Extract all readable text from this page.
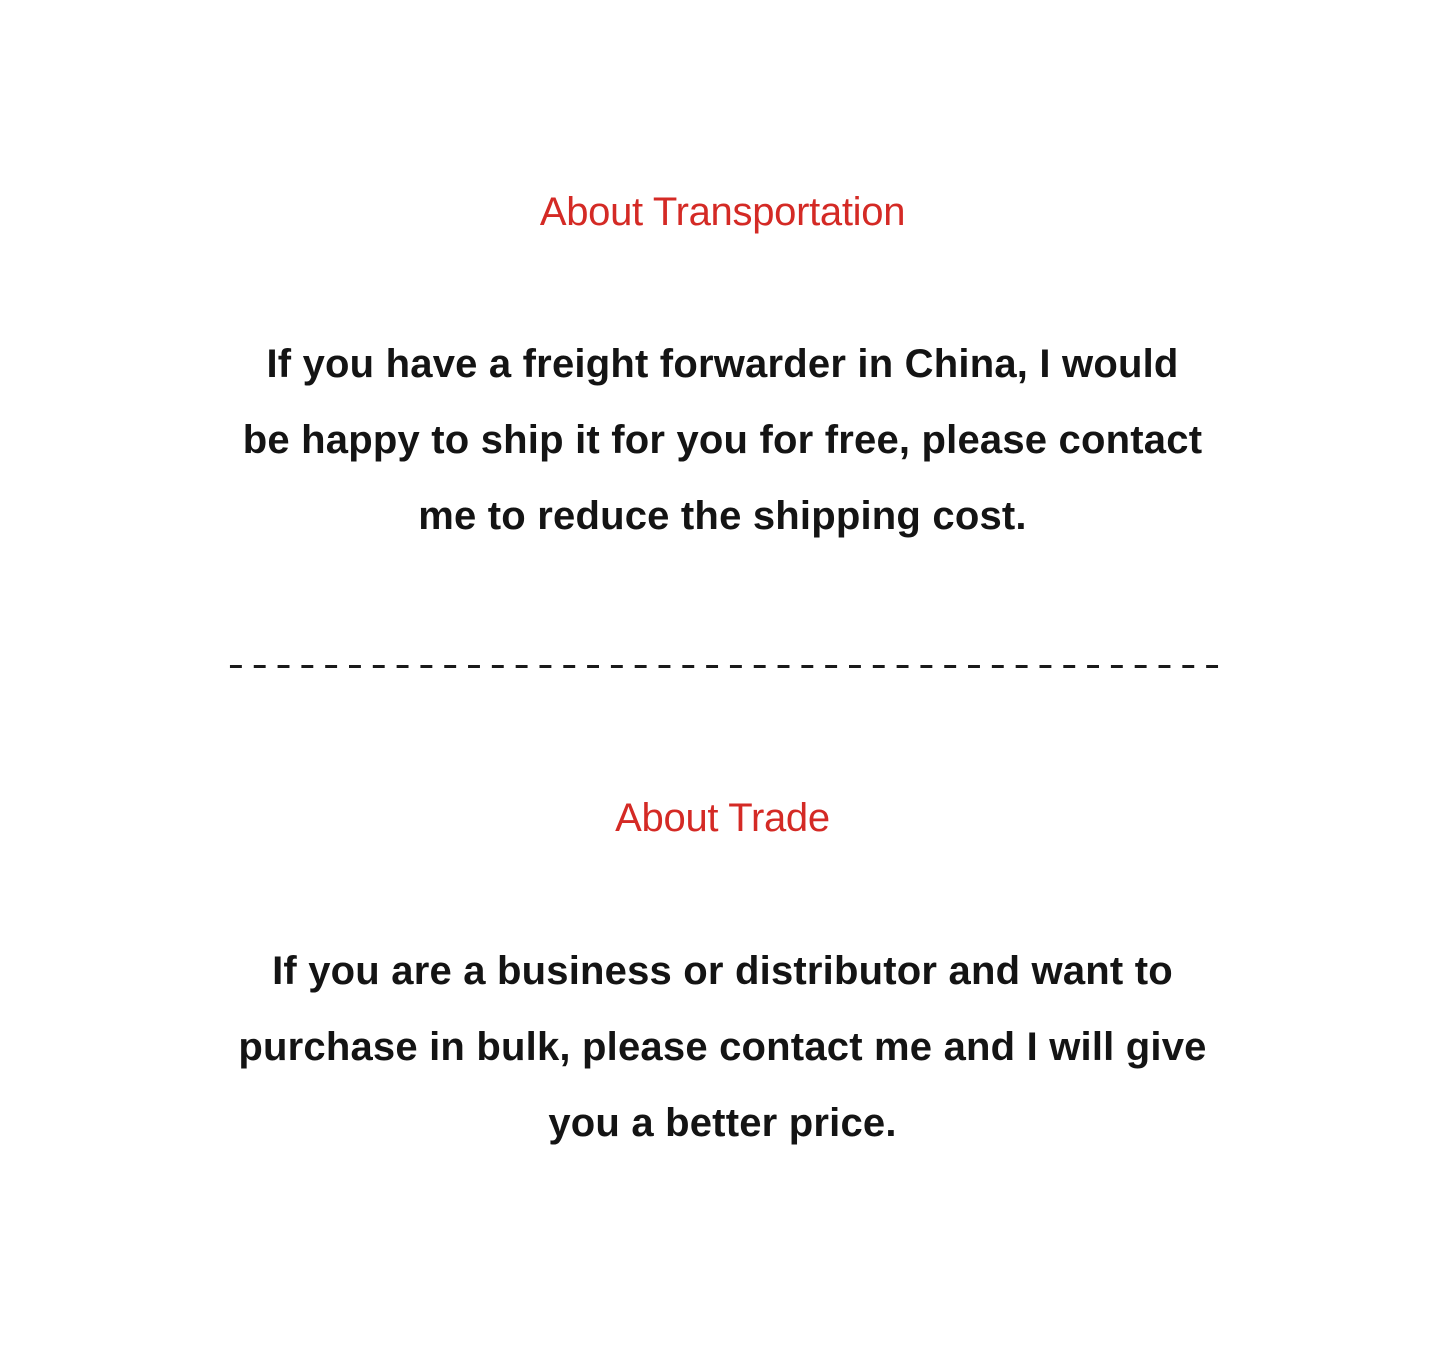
About Transportation
If you have a freight forwarder in China, I would
be happy to ship it for you for free, please contact
me to reduce the shipping cost.
About Trade
If you are a business or distributor and want to
purchase in bulk, please contact me and I will give
you a better price.
